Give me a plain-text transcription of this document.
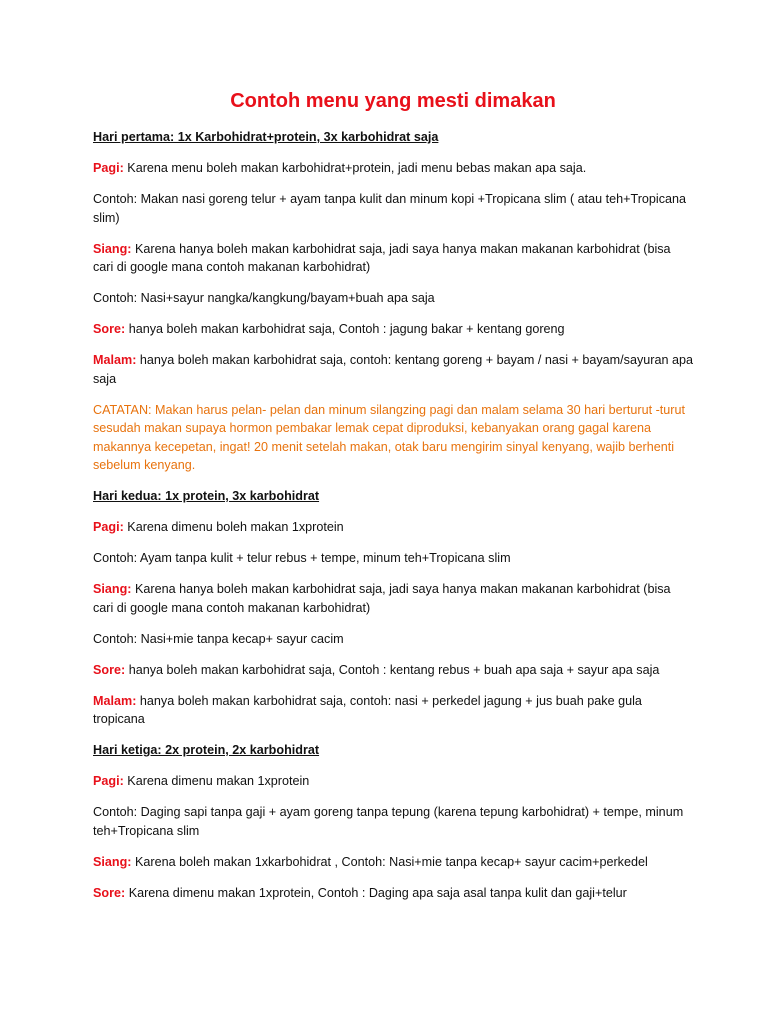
Contoh menu yang mesti dimakan
Hari pertama: 1x Karbohidrat+protein, 3x karbohidrat saja

Pagi: Karena menu boleh makan karbohidrat+protein, jadi menu bebas makan apa saja.

Contoh: Makan nasi goreng telur + ayam tanpa kulit dan minum kopi +Tropicana slim ( atau teh+Tropicana slim)

Siang: Karena hanya boleh makan karbohidrat saja, jadi saya hanya makan makanan karbohidrat (bisa cari di google mana contoh makanan karbohidrat)

Contoh: Nasi+sayur nangka/kangkung/bayam+buah apa saja

Sore: hanya boleh makan karbohidrat saja, Contoh : jagung bakar + kentang goreng

Malam: hanya boleh makan karbohidrat saja, contoh: kentang goreng + bayam / nasi + bayam/sayuran apa saja

CATATAN: Makan harus pelan- pelan dan minum silangzing pagi dan malam selama 30 hari berturut -turut sesudah makan supaya hormon pembakar lemak cepat diproduksi, kebanyakan orang gagal karena makannya kecepetan, ingat! 20 menit setelah makan, otak baru mengirim sinyal kenyang, wajib berhenti sebelum kenyang.

Hari kedua: 1x protein, 3x karbohidrat

Pagi: Karena dimenu boleh makan 1xprotein

Contoh: Ayam tanpa kulit + telur rebus + tempe, minum teh+Tropicana slim

Siang: Karena hanya boleh makan karbohidrat saja, jadi saya hanya makan makanan karbohidrat (bisa cari di google mana contoh makanan karbohidrat)

Contoh: Nasi+mie tanpa kecap+ sayur cacim

Sore: hanya boleh makan karbohidrat saja, Contoh : kentang rebus + buah apa saja + sayur apa saja

Malam: hanya boleh makan karbohidrat saja, contoh: nasi + perkedel jagung + jus buah pake gula tropicana

Hari ketiga: 2x protein, 2x karbohidrat

Pagi: Karena dimenu makan 1xprotein

Contoh: Daging sapi tanpa gaji + ayam goreng tanpa tepung (karena tepung karbohidrat) + tempe, minum teh+Tropicana slim

Siang: Karena boleh makan 1xkarbohidrat , Contoh: Nasi+mie tanpa kecap+ sayur cacim+perkedel

Sore: Karena dimenu makan 1xprotein, Contoh : Daging apa saja asal tanpa kulit dan gaji+telur
